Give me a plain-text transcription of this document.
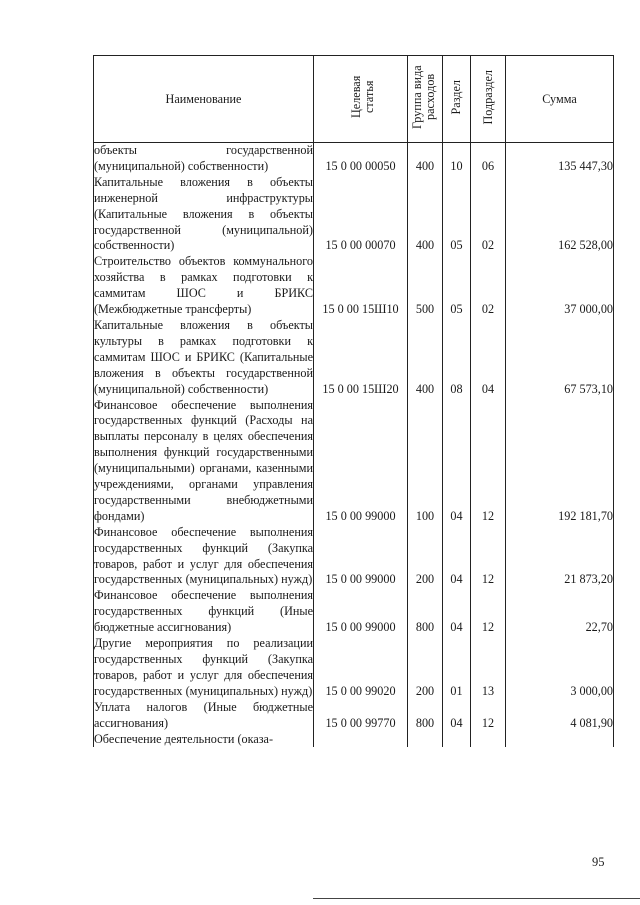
Наименование	Целевая статья	Группа вида расходов	Раздел	Подраздел	Сумма
объекты государственной (муниципальной) собственности)	15 0 00 00050	400	10	06	135 447,30
Капитальные вложения в объекты инженерной инфраструктуры (Капитальные вложения в объекты государственной (муниципальной) собственности)	15 0 00 00070	400	05	02	162 528,00
Строительство объектов коммунального хозяйства в рамках подготовки к саммитам ШОС и БРИКС (Межбюджетные трансферты)	15 0 00 15Ш10	500	05	02	37 000,00
Капитальные вложения в объекты культуры в рамках подготовки к саммитам ШОС и БРИКС (Капитальные вложения в объекты государственной (муниципальной) собственности)	15 0 00 15Ш20	400	08	04	67 573,10
Финансовое обеспечение выполнения государственных функций (Расходы на выплаты персоналу в целях обеспечения выполнения функций государственными (муниципальными) органами, казенными учреждениями, органами управления государственными внебюджетными фондами)	15 0 00 99000	100	04	12	192 181,70
Финансовое обеспечение выполнения государственных функций (Закупка товаров, работ и услуг для обеспечения государственных (муниципальных) нужд)	15 0 00 99000	200	04	12	21 873,20
Финансовое обеспечение выполнения государственных функций (Иные бюджетные ассигнования)	15 0 00 99000	800	04	12	22,70
Другие мероприятия по реализации государственных функций (Закупка товаров, работ и услуг для обеспечения государственных (муниципальных) нужд)	15 0 00 99020	200	01	13	3 000,00
Уплата налогов (Иные бюджетные ассигнования)	15 0 00 99770	800	04	12	4 081,90
Обеспечение деятельности (оказа-					
95
